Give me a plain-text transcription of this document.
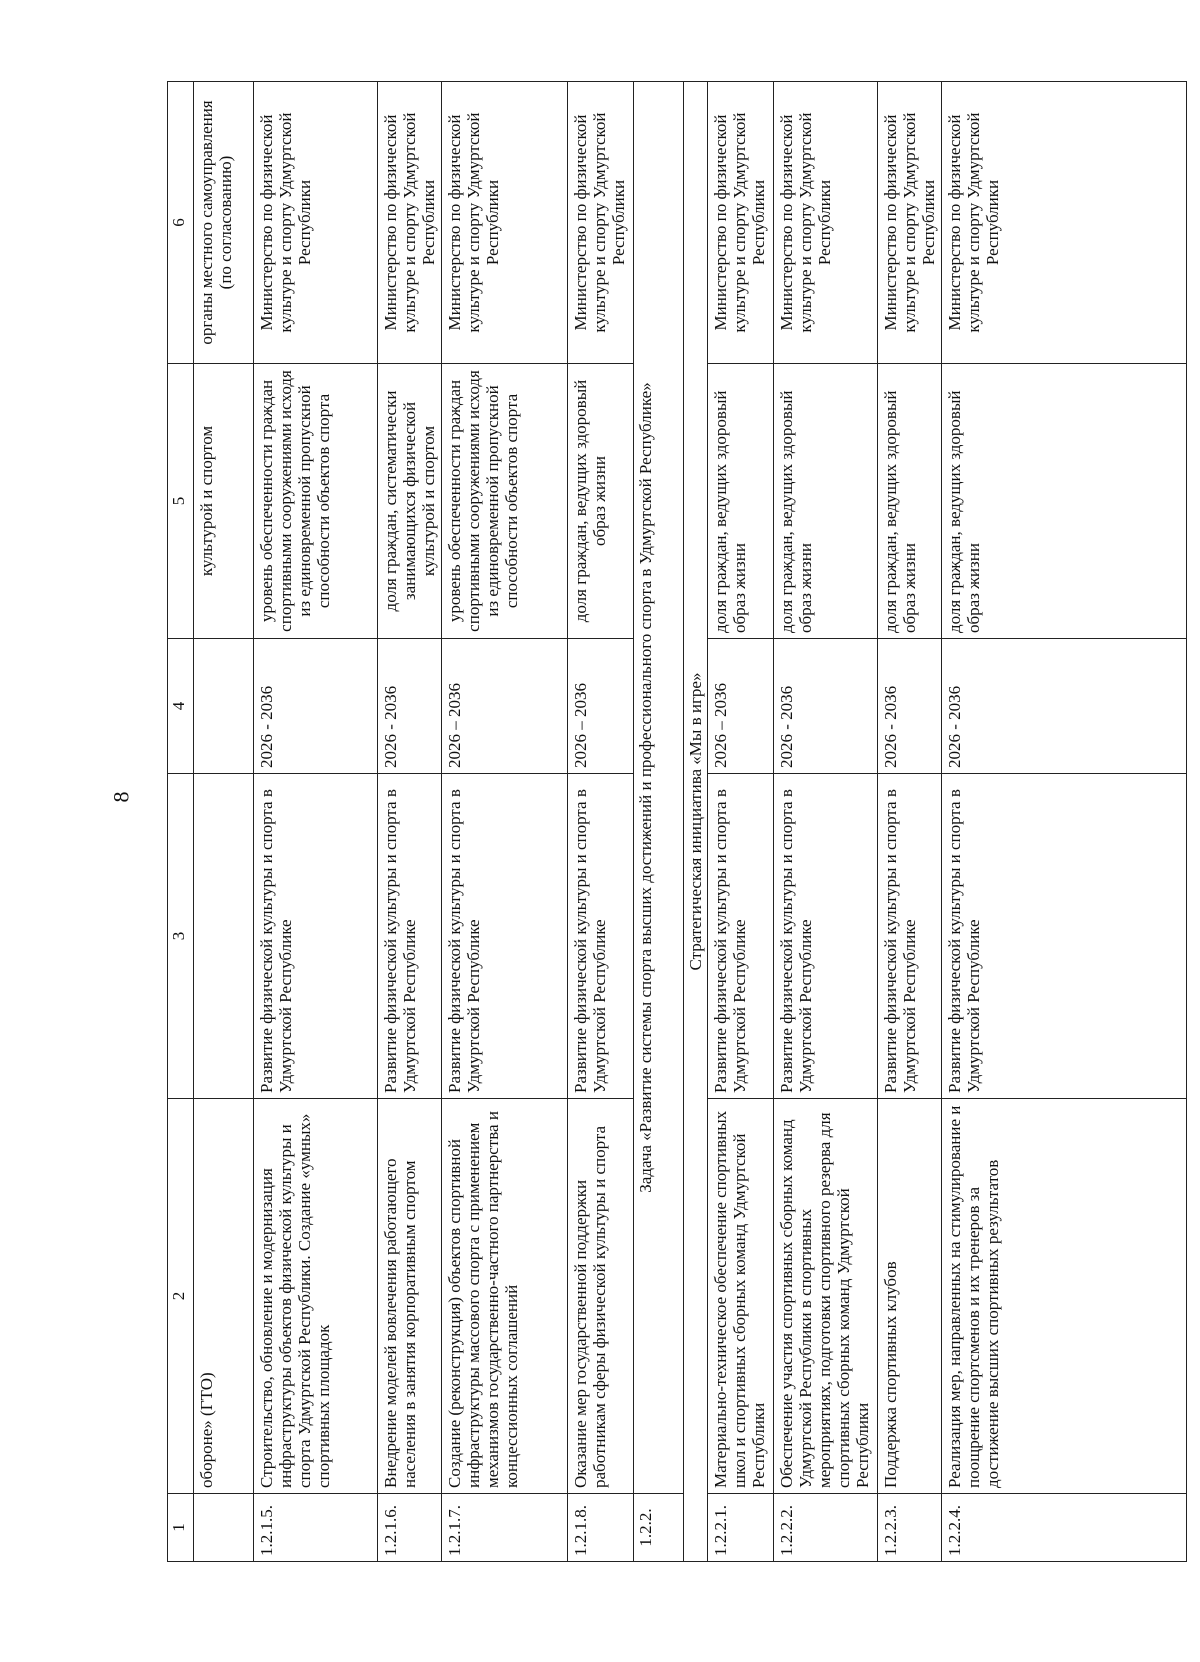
8
1	2	3	4	5	6
	обороне» (ГТО)			культурой и спортом	органы местного самоуправления (по согласованию)
1.2.1.5.	Строительство, обновление и модернизация инфраструктуры объектов физической культуры и спорта Удмуртской Республики. Создание «умных» спортивных площадок	Развитие физической культуры и спорта в Удмуртской Республике	2026 - 2036	уровень обеспеченности граждан спортивными сооружениями исходя из единовременной пропускной способности объектов спорта	Министерство по физической культуре и спорту Удмуртской Республики
1.2.1.6.	Внедрение моделей вовлечения работающего населения в занятия корпоративным спортом	Развитие физической культуры и спорта в Удмуртской Республике	2026 - 2036	доля граждан, систематически занимающихся физической культурой и спортом	Министерство по физической культуре и спорту Удмуртской Республики
1.2.1.7.	Создание (реконструкция) объектов спортивной инфраструктуры массового спорта с применением механизмов государственно-частного партнерства и концессионных соглашений	Развитие физической культуры и спорта в Удмуртской Республике	2026 – 2036	уровень обеспеченности граждан спортивными сооружениями исходя из единовременной пропускной способности объектов спорта	Министерство по физической культуре и спорту Удмуртской Республики
1.2.1.8.	Оказание мер государственной поддержки работникам сферы физической культуры и спорта	Развитие физической культуры и спорта в Удмуртской Республике	2026 – 2036	доля граждан, ведущих здоровый образ жизни	Министерство по физической культуре и спорту Удмуртской Республики
1.2.2.	Задача «Развитие системы спорта высших достижений и профессионального спорта в Удмуртской Республике»				
Стратегическая инициатива «Мы в игре»					
1.2.2.1.	Материально-техническое обеспечение спортивных школ и спортивных сборных команд Удмуртской Республики	Развитие физической культуры и спорта в Удмуртской Республике	2026 – 2036	доля граждан, ведущих здоровый образ жизни	Министерство по физической культуре и спорту Удмуртской Республики
1.2.2.2.	Обеспечение участия спортивных сборных команд Удмуртской Республики в спортивных мероприятиях, подготовки спортивного резерва для спортивных сборных команд Удмуртской Республики	Развитие физической культуры и спорта в Удмуртской Республике	2026 - 2036	доля граждан, ведущих здоровый образ жизни	Министерство по физической культуре и спорту Удмуртской Республики
1.2.2.3.	Поддержка спортивных клубов	Развитие физической культуры и спорта в Удмуртской Республике	2026 - 2036	доля граждан, ведущих здоровый образ жизни	Министерство по физической культуре и спорту Удмуртской Республики
1.2.2.4.	Реализация мер, направленных на стимулирование и поощрение спортсменов и их тренеров за достижение высших спортивных результатов	Развитие физической культуры и спорта в Удмуртской Республике	2026 - 2036	доля граждан, ведущих здоровый образ жизни	Министерство по физической культуре и спорту Удмуртской Республики
